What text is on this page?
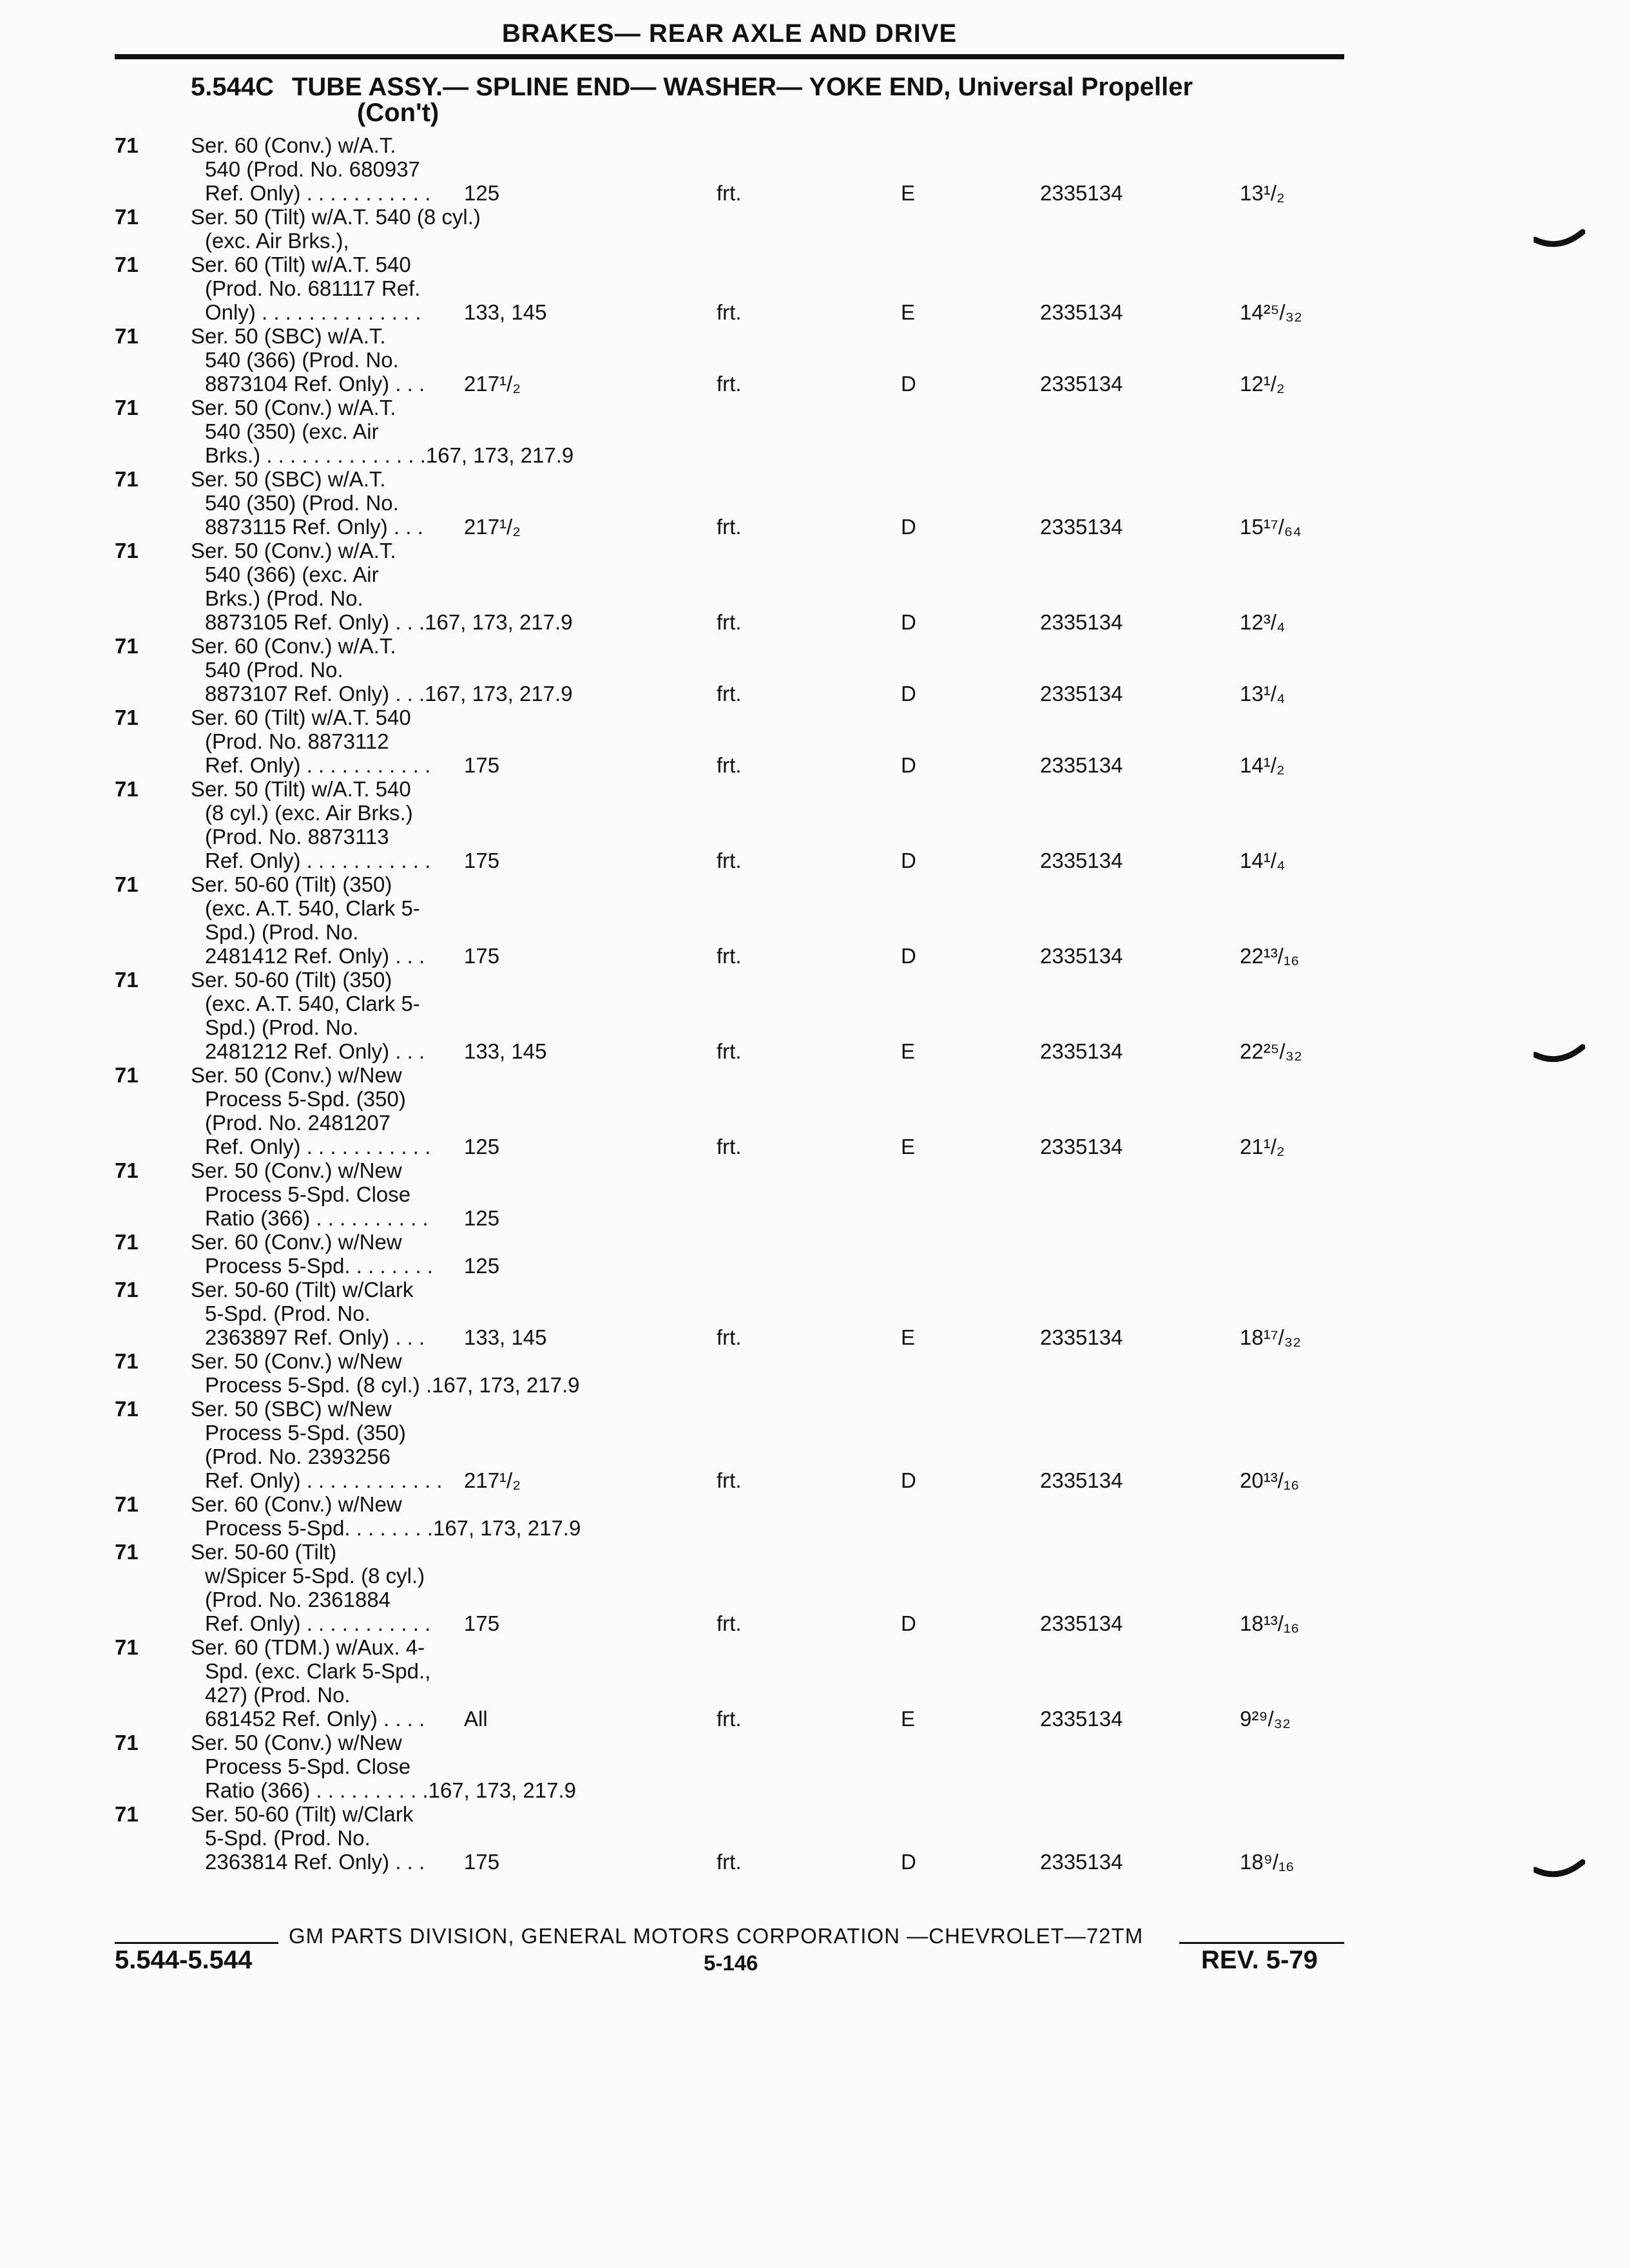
BRAKES— REAR AXLE AND DRIVE
5.544C TUBE ASSY.— SPLINE END— WASHER— YOKE END, Universal Propeller
(Con't)
71	Ser. 60 (Conv.) w/A.T.
540 (Prod. No. 680937
Ref. Only) . . . . . . . . . . .	125	frt.	E	2335134	13¹/₂
71	Ser. 50 (Tilt) w/A.T. 540 (8 cyl.)
(exc. Air Brks.),
71	Ser. 60 (Tilt) w/A.T. 540
(Prod. No. 681117 Ref.
Only) . . . . . . . . . . . . . .	133, 145	frt.	E	2335134	14²⁵/₃₂
71	Ser. 50 (SBC) w/A.T.
540 (366) (Prod. No.
8873104 Ref. Only) . . .	217¹/₂	frt.	D	2335134	12¹/₂
71	Ser. 50 (Conv.) w/A.T.
540 (350) (exc. Air
Brks.) . . . . . . . . . . . . . .167, 173, 217.9
71	Ser. 50 (SBC) w/A.T.
540 (350) (Prod. No.
8873115 Ref. Only) . . .	217¹/₂	frt.	D	2335134	15¹⁷/₆₄
71	Ser. 50 (Conv.) w/A.T.
540 (366) (exc. Air
Brks.) (Prod. No.
8873105 Ref. Only) . . .167, 173, 217.9	frt.	D	2335134	12³/₄
71	Ser. 60 (Conv.) w/A.T.
540 (Prod. No.
8873107 Ref. Only) . . .167, 173, 217.9	frt.	D	2335134	13¹/₄
71	Ser. 60 (Tilt) w/A.T. 540
(Prod. No. 8873112
Ref. Only) . . . . . . . . . . .	175	frt.	D	2335134	14¹/₂
71	Ser. 50 (Tilt) w/A.T. 540
(8 cyl.) (exc. Air Brks.)
(Prod. No. 8873113
Ref. Only) . . . . . . . . . . .	175	frt.	D	2335134	14¹/₄
71	Ser. 50-60 (Tilt) (350)
(exc. A.T. 540, Clark 5-
Spd.) (Prod. No.
2481412 Ref. Only) . . .	175	frt.	D	2335134	22¹³/₁₆
71	Ser. 50-60 (Tilt) (350)
(exc. A.T. 540, Clark 5-
Spd.) (Prod. No.
2481212 Ref. Only) . . .	133, 145	frt.	E	2335134	22²⁵/₃₂
71	Ser. 50 (Conv.) w/New
Process 5-Spd. (350)
(Prod. No. 2481207
Ref. Only) . . . . . . . . . . .	125	frt.	E	2335134	21¹/₂
71	Ser. 50 (Conv.) w/New
Process 5-Spd. Close
Ratio (366) . . . . . . . . . .	125
71	Ser. 60 (Conv.) w/New
Process 5-Spd. . . . . . . .	125
71	Ser. 50-60 (Tilt) w/Clark
5-Spd. (Prod. No.
2363897 Ref. Only) . . .	133, 145	frt.	E	2335134	18¹⁷/₃₂
71	Ser. 50 (Conv.) w/New
Process 5-Spd. (8 cyl.) .167, 173, 217.9
71	Ser. 50 (SBC) w/New
Process 5-Spd. (350)
(Prod. No. 2393256
Ref. Only) . . . . . . . . . . . .	217¹/₂	frt.	D	2335134	20¹³/₁₆
71	Ser. 60 (Conv.) w/New
Process 5-Spd. . . . . . . .167, 173, 217.9
71	Ser. 50-60 (Tilt)
w/Spicer 5-Spd. (8 cyl.)
(Prod. No. 2361884
Ref. Only) . . . . . . . . . . .	175	frt.	D	2335134	18¹³/₁₆
71	Ser. 60 (TDM.) w/Aux. 4-
Spd. (exc. Clark 5-Spd.,
427) (Prod. No.
681452 Ref. Only) . . . .	All	frt.	E	2335134	9²⁹/₃₂
71	Ser. 50 (Conv.) w/New
Process 5-Spd. Close
Ratio (366) . . . . . . . . . .167, 173, 217.9
71	Ser. 50-60 (Tilt) w/Clark
5-Spd. (Prod. No.
2363814 Ref. Only) . . .	175	frt.	D	2335134	18⁹/₁₆
GM PARTS DIVISION, GENERAL MOTORS CORPORATION —CHEVROLET—72TM
5.544-5.544	5-146	REV. 5-79
